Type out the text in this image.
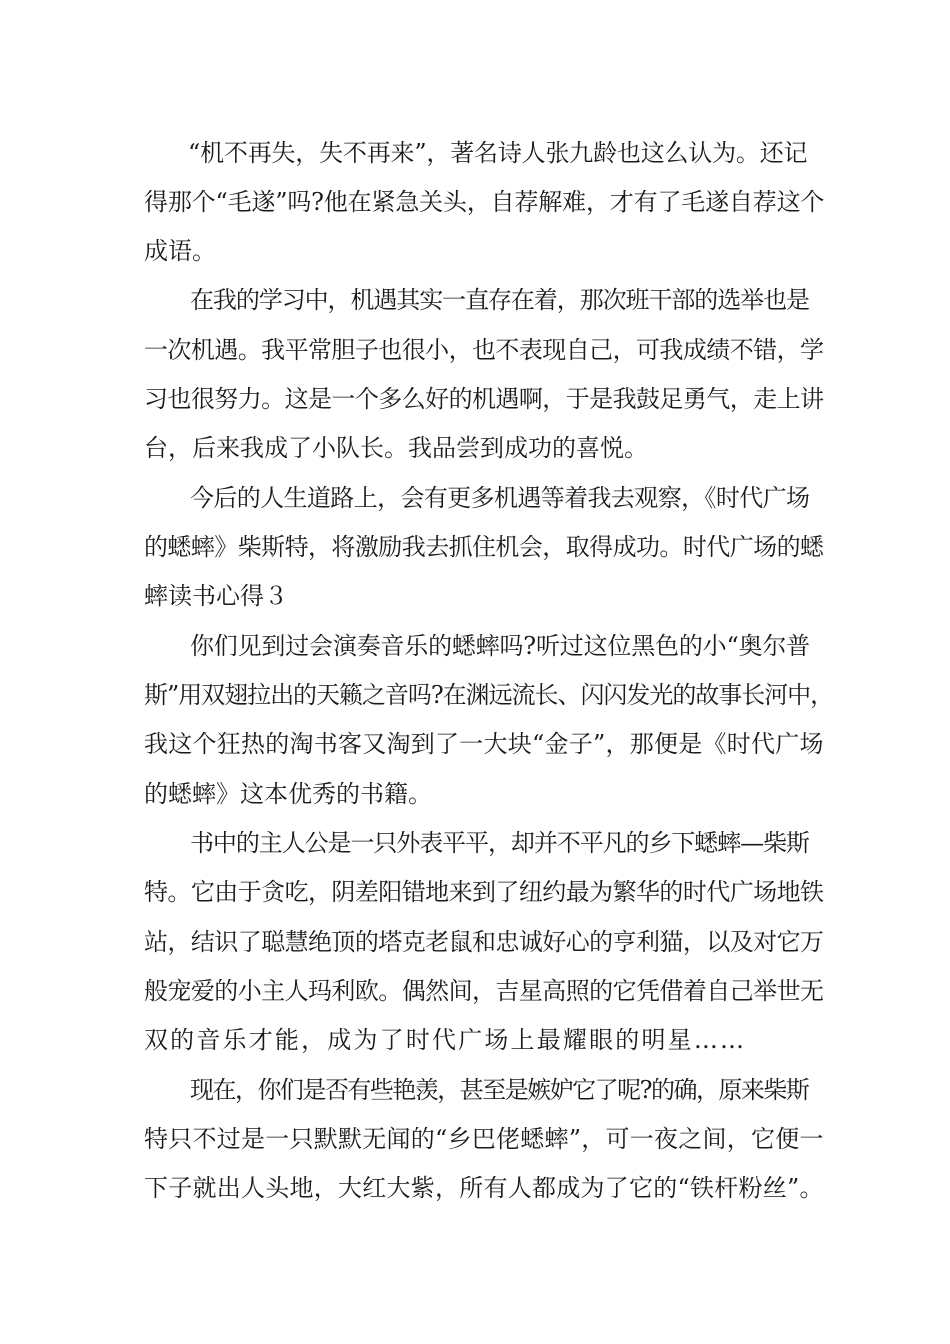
“机不再失，失不再来”，著名诗人张九龄也这么认为。还记
得那个“毛遂”吗?他在紧急关头，自荐解难，才有了毛遂自荐这个
成语。
在我的学习中，机遇其实一直存在着，那次班干部的选举也是
一次机遇。我平常胆子也很小，也不表现自己，可我成绩不错，学
习也很努力。这是一个多么好的机遇啊，于是我鼓足勇气，走上讲
台，后来我成了小队长。我品尝到成功的喜悦。
今后的人生道路上，会有更多机遇等着我去观察，《时代广场
的蟋蟀》柴斯特，将激励我去抓住机会，取得成功。时代广场的蟋
蟀读书心得３
你们见到过会演奏音乐的蟋蟀吗?听过这位黑色的小“奥尔普
斯”用双翅拉出的天籁之音吗?在渊远流长、闪闪发光的故事长河中，
我这个狂热的淘书客又淘到了一大块“金子”，那便是《时代广场
的蟋蟀》这本优秀的书籍。
书中的主人公是一只外表平平，却并不平凡的乡下蟋蟀—柴斯
特。它由于贪吃，阴差阳错地来到了纽约最为繁华的时代广场地铁
站，结识了聪慧绝顶的塔克老鼠和忠诚好心的亨利猫，以及对它万
般宠爱的小主人玛利欧。偶然间，吉星高照的它凭借着自己举世无
双的音乐才能，成为了时代广场上最耀眼的明星……
现在，你们是否有些艳羡，甚至是嫉妒它了呢?的确，原来柴斯
特只不过是一只默默无闻的“乡巴佬蟋蟀”，可一夜之间，它便一
下子就出人头地，大红大紫，所有人都成为了它的“铁杆粉丝”。
